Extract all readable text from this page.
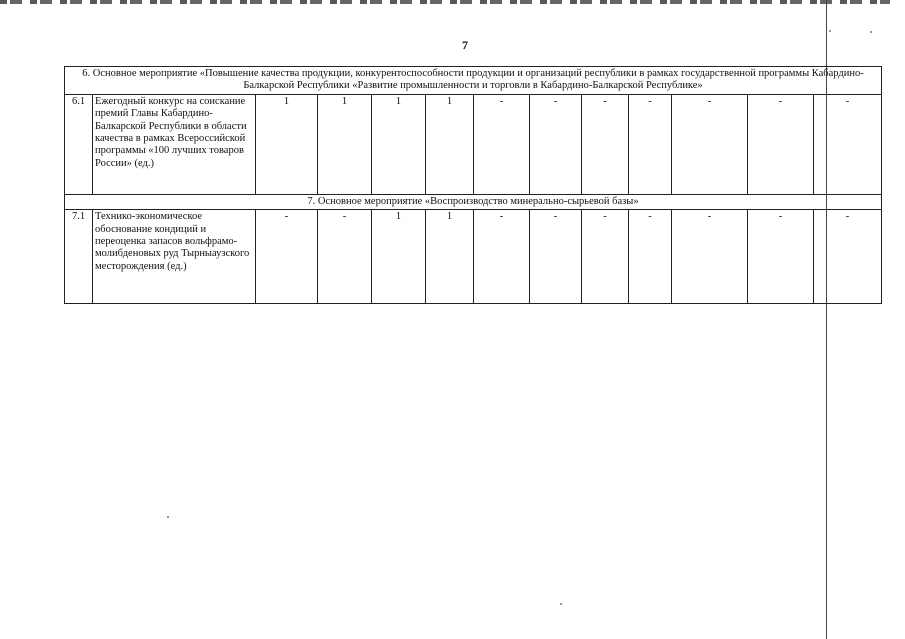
7
6. Основное мероприятие «Повышение качества продукции, конкурентоспособности продукции и организаций республики в рамках государственной программы Кабардино-Балкарской Республики «Развитие промышленности и торговли в Кабардино-Балкарской Республике»												
6.1	Ежегодный конкурс на соискание премий Главы Кабардино-Балкарской Республики в области качества в рамках Всероссийской программы «100 лучших товаров России» (ед.)	1	1	1	1	-	-	-	-	-	-	-
7. Основное мероприятие «Воспроизводство минерально-сырьевой базы»												
7.1	Технико-экономическое обоснование кондиций и переоценка запасов вольфрамо-молибденовых руд Тырныаузского месторождения (ед.)	-	-	1	1	-	-	-	-	-	-	-
